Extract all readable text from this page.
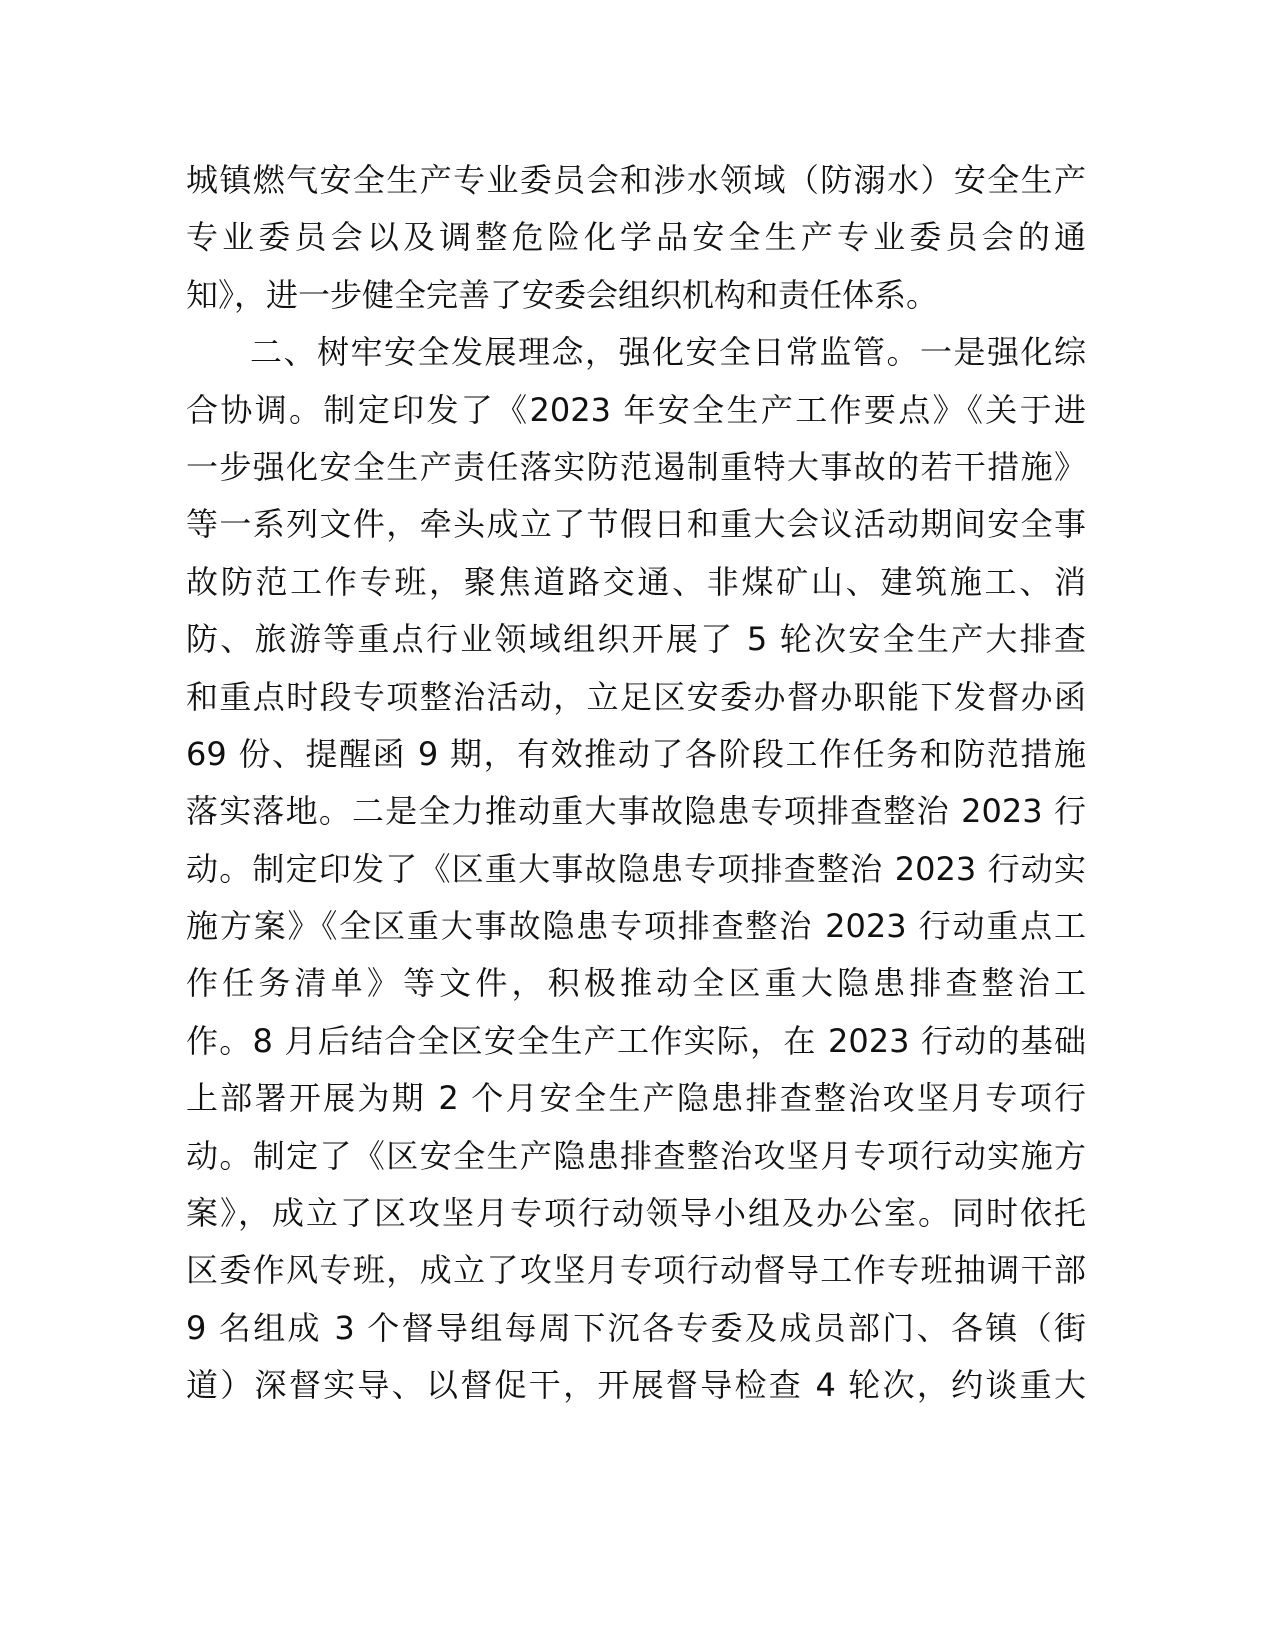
城镇燃气安全生产专业委员会和涉水领域（防溺水）安全生产
专业委员会以及调整危险化学品安全生产专业委员会的通
知》，进一步健全完善了安委会组织机构和责任体系。
二、树牢安全发展理念，强化安全日常监管。一是强化综
合协调。制定印发了《2023 年安全生产工作要点》《关于进
一步强化安全生产责任落实防范遏制重特大事故的若干措施》
等一系列文件，牵头成立了节假日和重大会议活动期间安全事
故防范工作专班，聚焦道路交通、非煤矿山、建筑施工、消
防、旅游等重点行业领域组织开展了 5 轮次安全生产大排查
和重点时段专项整治活动，立足区安委办督办职能下发督办函
69 份、提醒函 9 期，有效推动了各阶段工作任务和防范措施
落实落地。二是全力推动重大事故隐患专项排查整治 2023 行
动。制定印发了《区重大事故隐患专项排查整治 2023 行动实
施方案》《全区重大事故隐患专项排查整治 2023 行动重点工
作任务清单》等文件，积极推动全区重大隐患排查整治工
作。8 月后结合全区安全生产工作实际，在 2023 行动的基础
上部署开展为期 2 个月安全生产隐患排查整治攻坚月专项行
动。制定了《区安全生产隐患排查整治攻坚月专项行动实施方
案》，成立了区攻坚月专项行动领导小组及办公室。同时依托
区委作风专班，成立了攻坚月专项行动督导工作专班抽调干部
9 名组成 3 个督导组每周下沉各专委及成员部门、各镇（街
道）深督实导、以督促干，开展督导检查 4 轮次，约谈重大
